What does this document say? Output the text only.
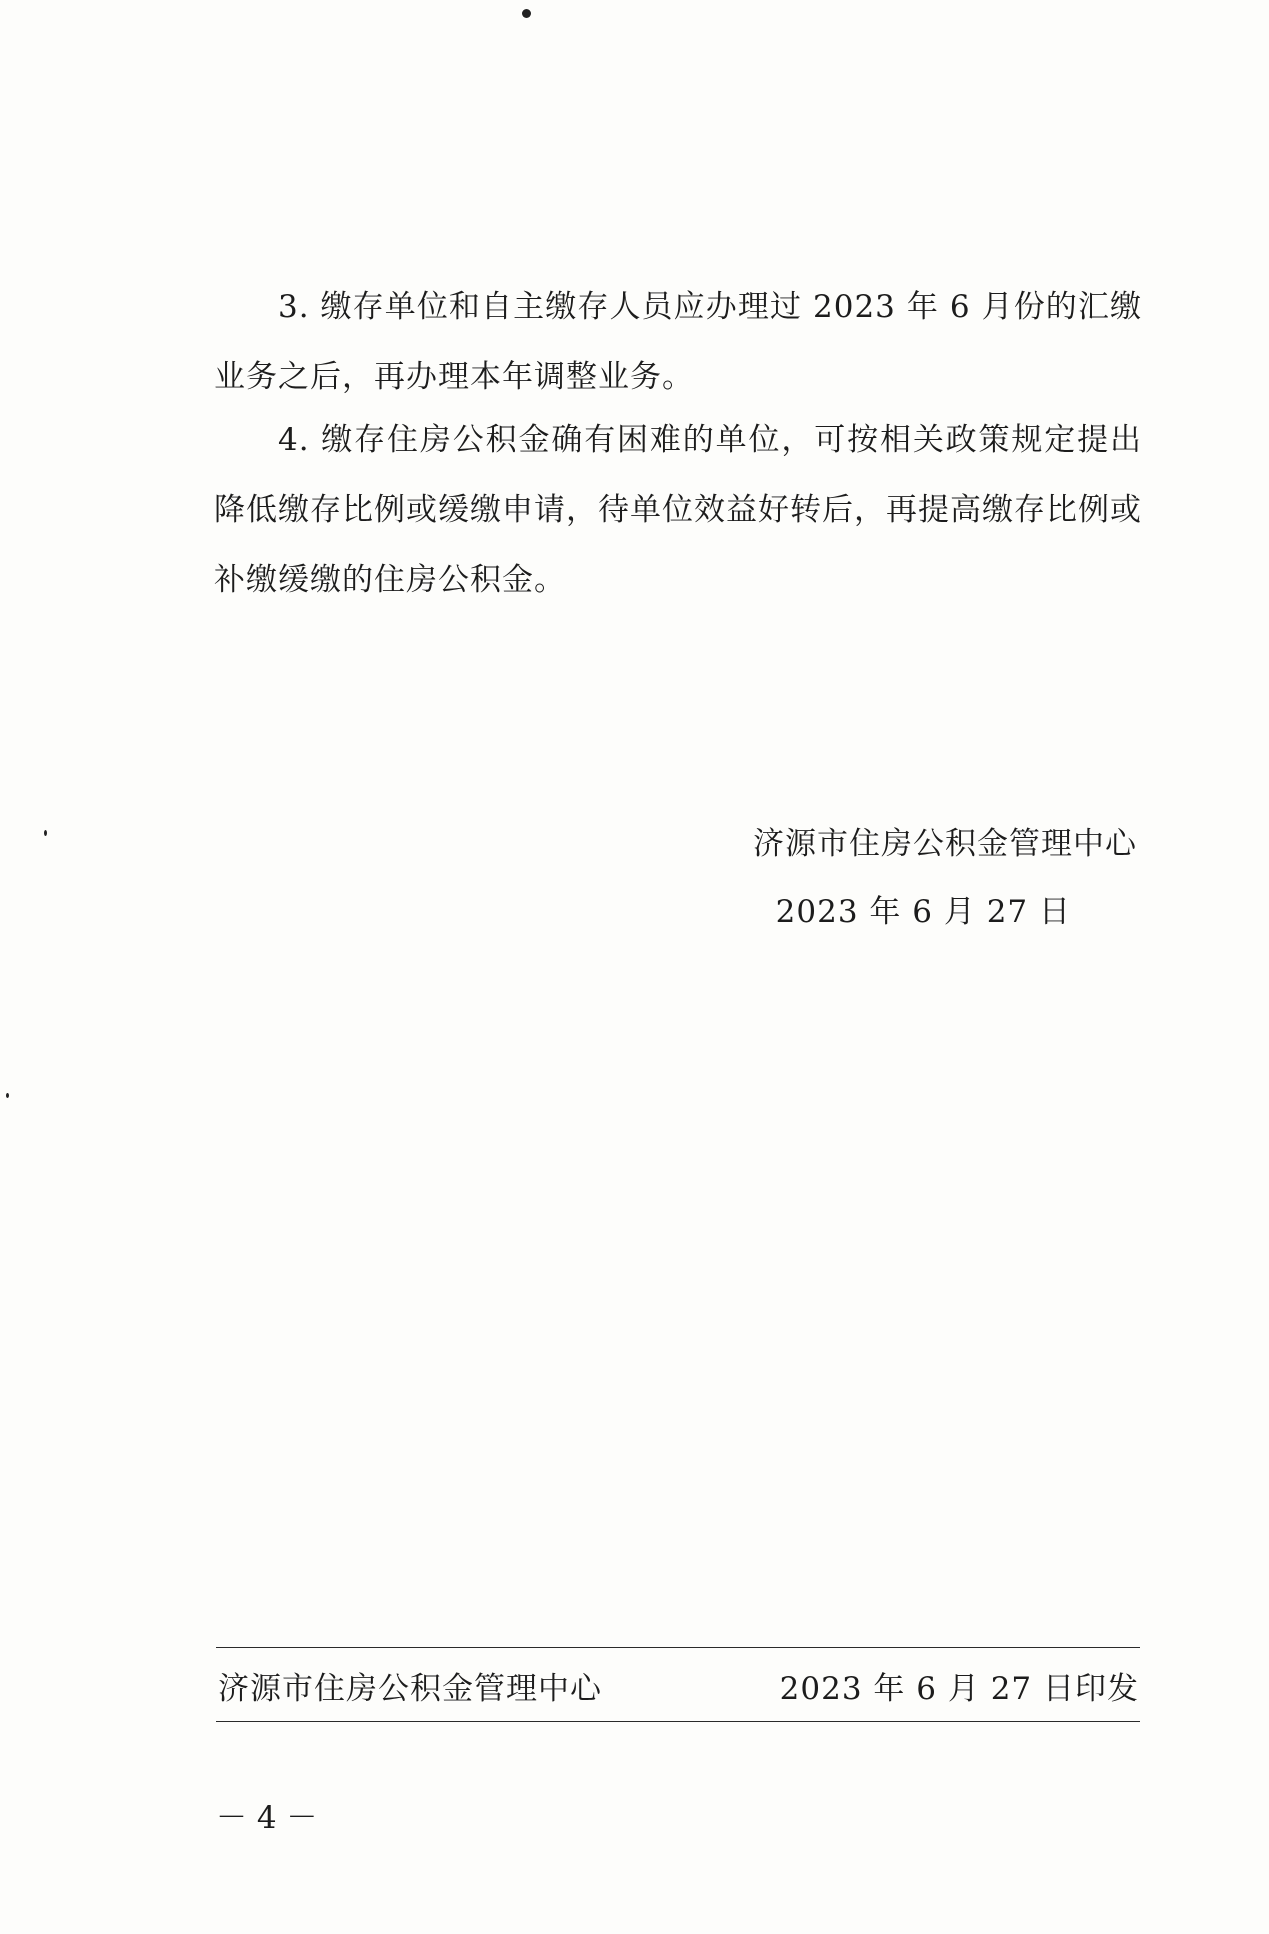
3. 缴存单位和自主缴存人员应办理过 2023 年 6 月份的汇缴业务之后，再办理本年调整业务。

4. 缴存住房公积金确有困难的单位，可按相关政策规定提出降低缴存比例或缓缴申请，待单位效益好转后，再提高缴存比例或补缴缓缴的住房公积金。

济源市住房公积金管理中心
2023 年 6 月 27 日
济源市住房公积金管理中心	2023 年 6 月 27 日印发
－ 4 －
